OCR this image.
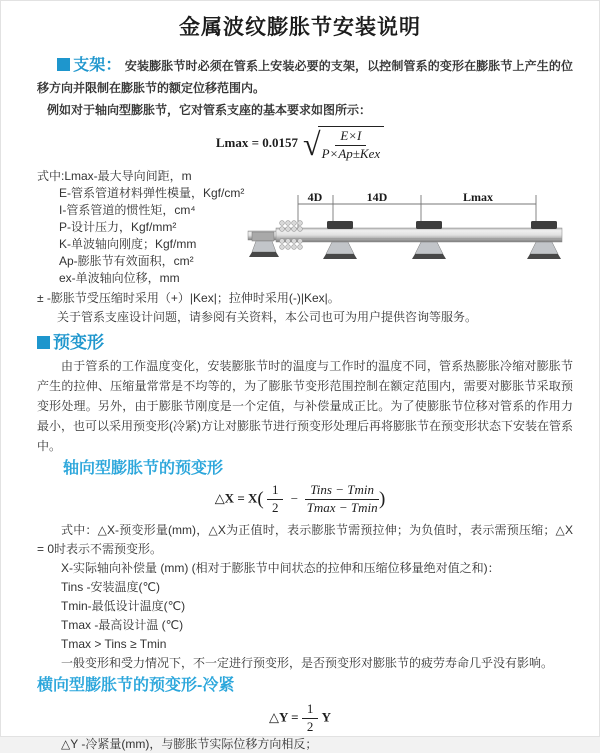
金属波纹膨胀节安装说明

支架： 安装膨胀节时必须在管系上安装必要的支架，以控制管系的变形在膨胀节上产生的位移方向并限制在膨胀节的额定位移范围内。

例如对于轴向型膨胀节，它对管系支座的基本要求如图所示：

Lmax = 0.0157 √ $\frac{E\times I}{\text{P×Ap±Kex}}$
式中:Lmax-最大导向间距，m
E-管系管道材料弹性模量，Kgf/cm²
I-管系管道的惯性矩，cm⁴
P-设计压力，Kgf/mm²
K-单波轴向刚度；Kgf/mm
Ap-膨胀节有效面积，cm²
ex-单波轴向位移，mm

± -膨胀节受压缩时采用（+）|Kex|；拉伸时采用(-)|Kex|。

关于管系支座设计问题，请参阅有关资料，本公司也可为用户提供咨询等服务。

4D	14D	Lmax
预变形

由于管系的工作温度变化，安装膨胀节时的温度与工作时的温度不同，管系热膨胀冷缩对膨胀节产生的拉伸、压缩量常常是不均等的，为了膨胀节变形范围控制在额定范围内，需要对膨胀节采取预变形处理。另外，由于膨胀节刚度是一个定值，与补偿量成正比。为了使膨胀节位移对管系的作用力最小，也可以采用预变形(冷紧)方让对膨胀节进行预变形处理后再将膨胀节在预变形状态下安装在管系中。

轴向型膨胀节的预变形
△X = $X( \frac{1}{2} - \frac{\text{Tins − Tmin}}{Tmax - Tmin}$ )

式中：△X-预变形量(mm)，△X为正值时，表示膨胀节需预拉伸；为负值时，表示需预压缩；△X = 0时表示不需预变形。

X-实际轴向补偿量 (mm) (相对于膨胀节中间状态的拉伸和压缩位移量绝对值之和)：

Tins -安装温度(℃)

Tmin-最低设计温度(℃)

Tmax -最高设计温 (℃)

Tmax > Tins ≥ Tmin

一般变形和受力情况下，不一定进行预变形，是否预变形对膨胀节的疲劳寿命几乎没有影响。

横向型膨胀节的预变形-冷紧
△Y = $\frac{1}{2}$ Y

△Y -冷紧量(mm)，与膨胀节实际位移方向相反；
